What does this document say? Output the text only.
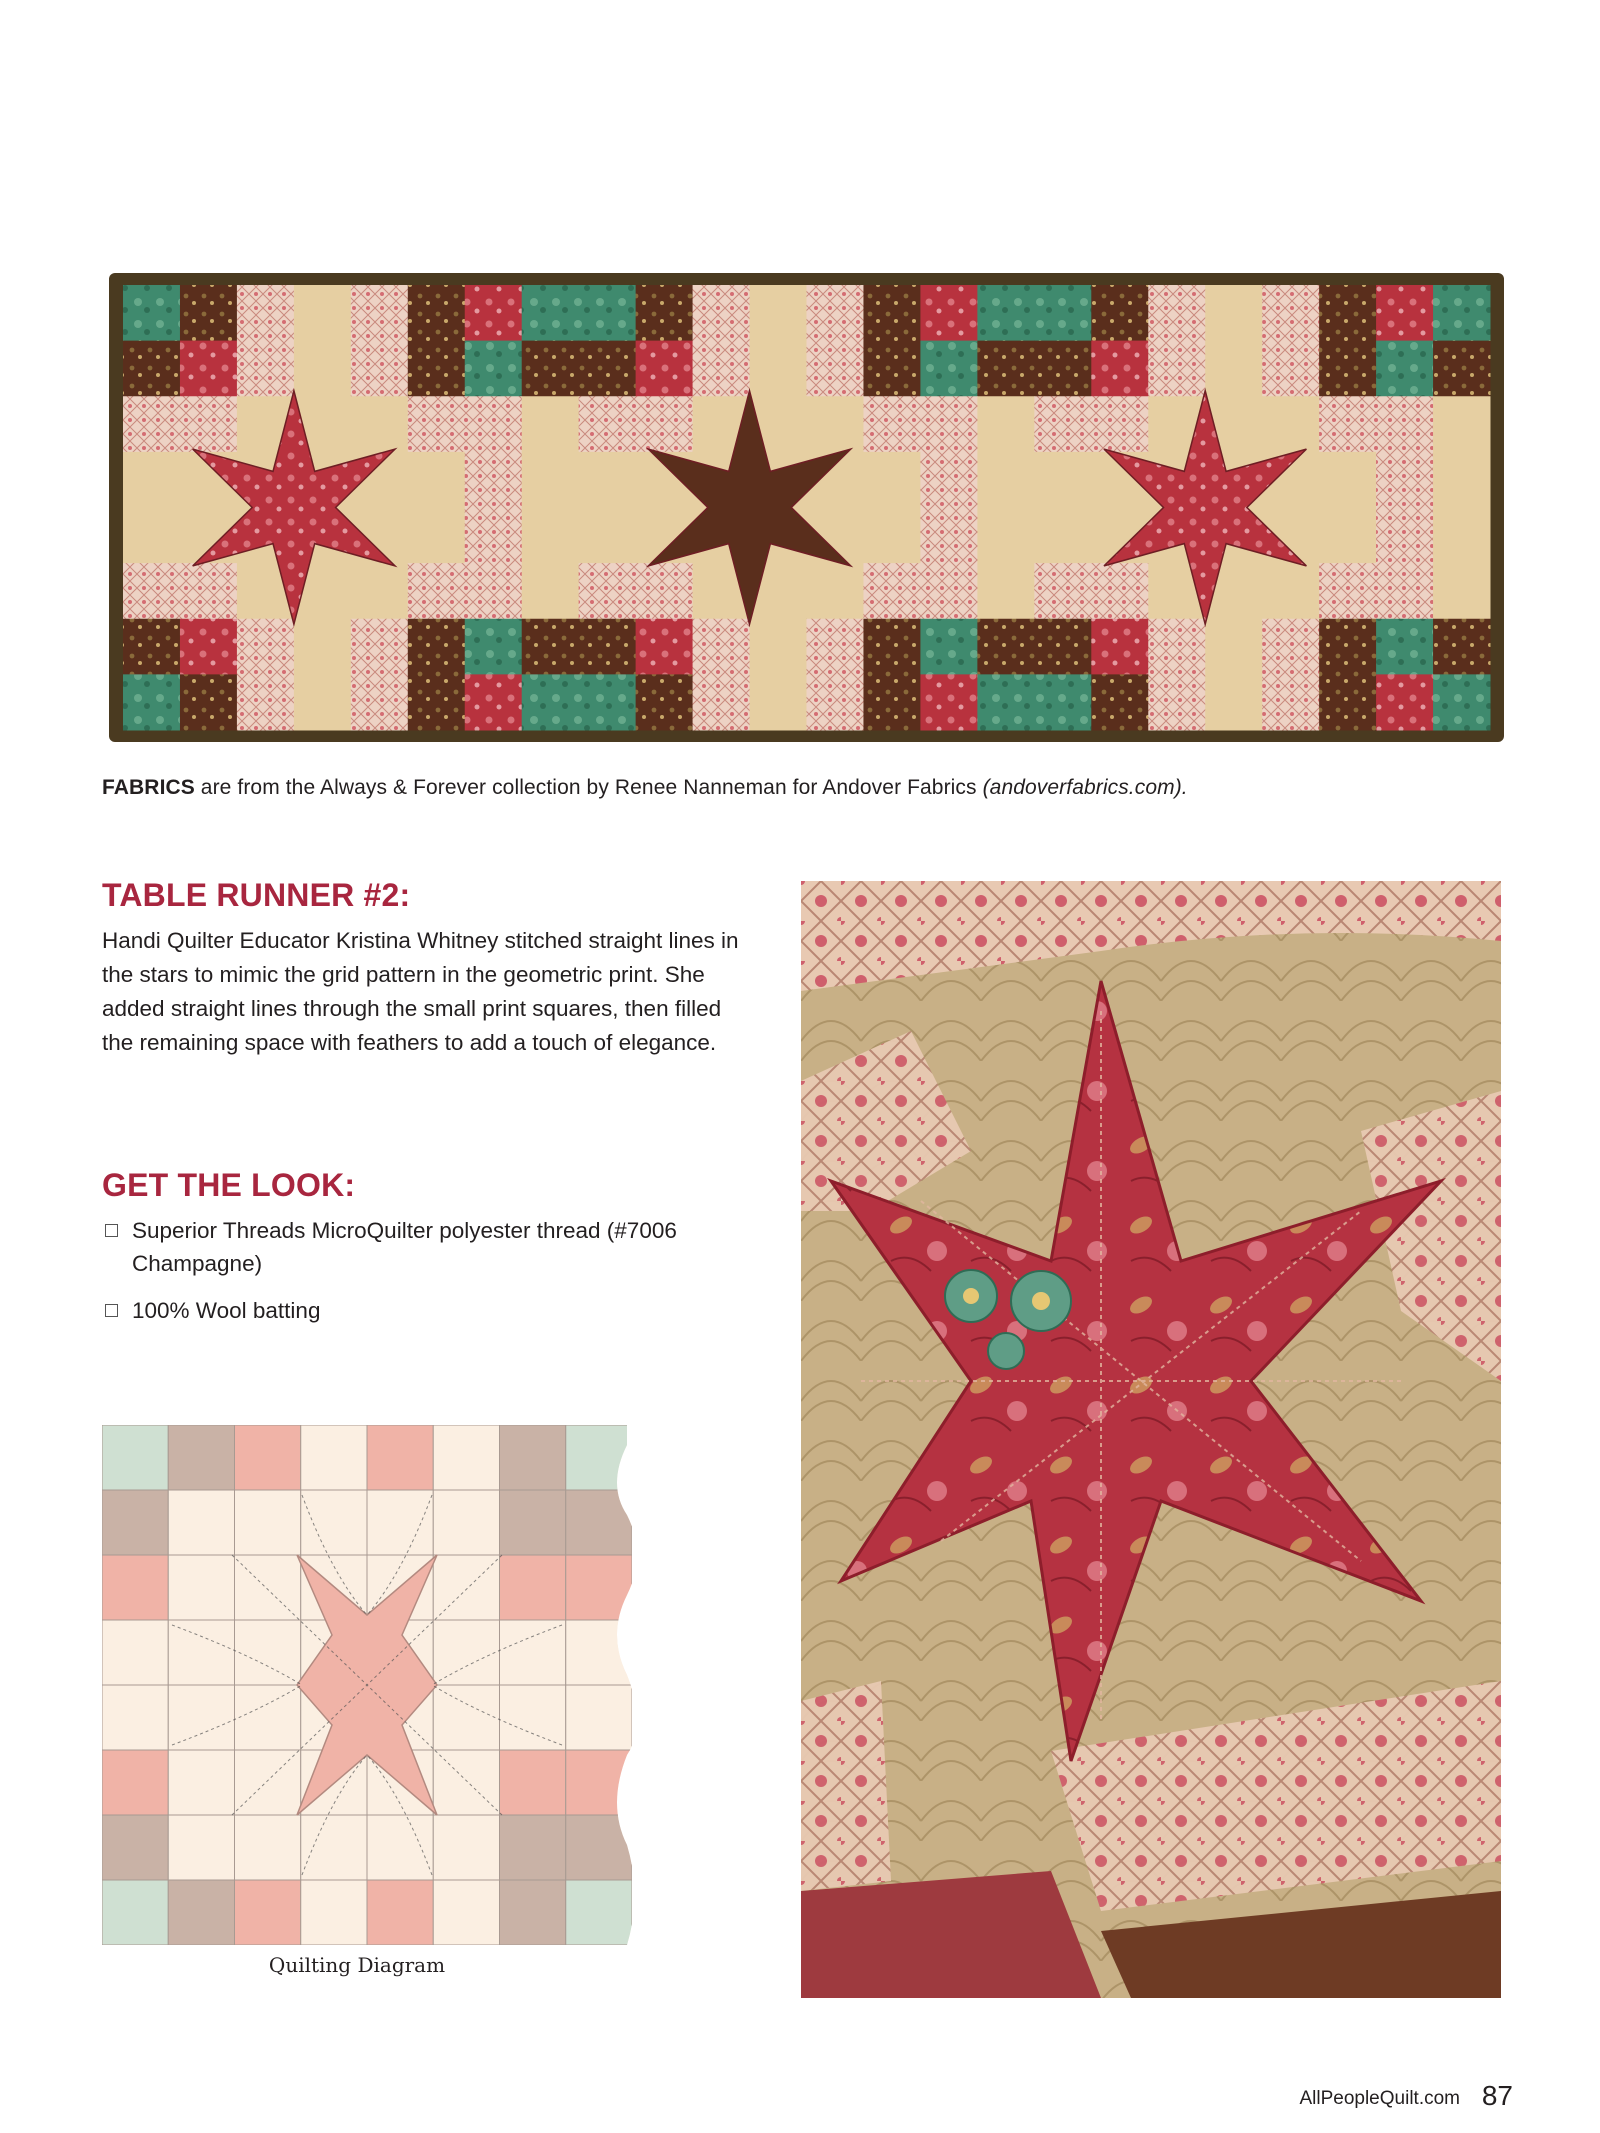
FABRICS are from the Always & Forever collection by Renee Nanneman for Andover Fabrics (andoverfabrics.com).
TABLE RUNNER #2:

Handi Quilter Educator Kristina Whitney stitched straight lines in the stars to mimic the grid pattern in the geometric print. She added straight lines through the small print squares, then filled the remaining space with feathers to add a touch of elegance.

GET THE LOOK:
Superior Threads MicroQuilter polyester thread (#7006 Champagne)
100% Wool batting
Quilting Diagram
AllPeopleQuilt.com 87
